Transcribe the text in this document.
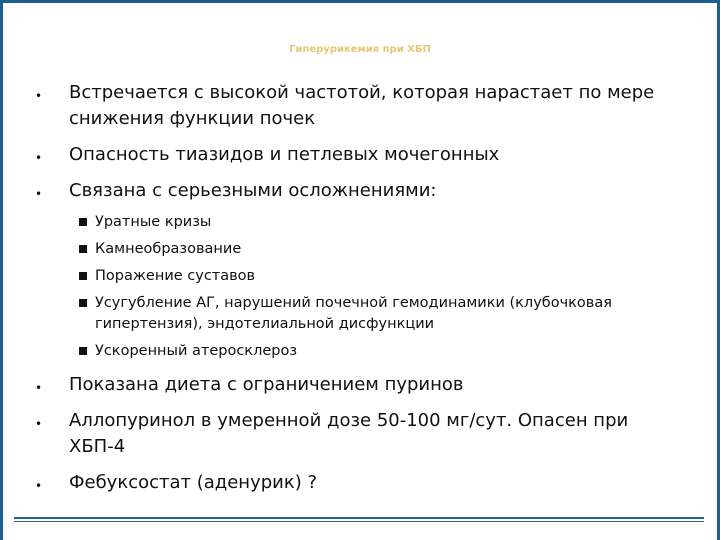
Гиперурикемия при ХБП
• Встречается с высокой частотой, которая нарастает по мере снижения функции почек
• Опасность тиазидов и петлевых мочегонных
• Связана с серьезными осложнениями:
Уратные кризы
Камнеобразование
Поражение суставов
Усугубление АГ, нарушений почечной гемодинамики (клубочковая гипертензия), эндотелиальной дисфункции
Ускоренный атеросклероз
• Показана диета с ограничением пуринов
• Аллопуринол в умеренной дозе 50-100 мг/сут. Опасен при ХБП-4
• Фебуксостат (аденурик) ?
